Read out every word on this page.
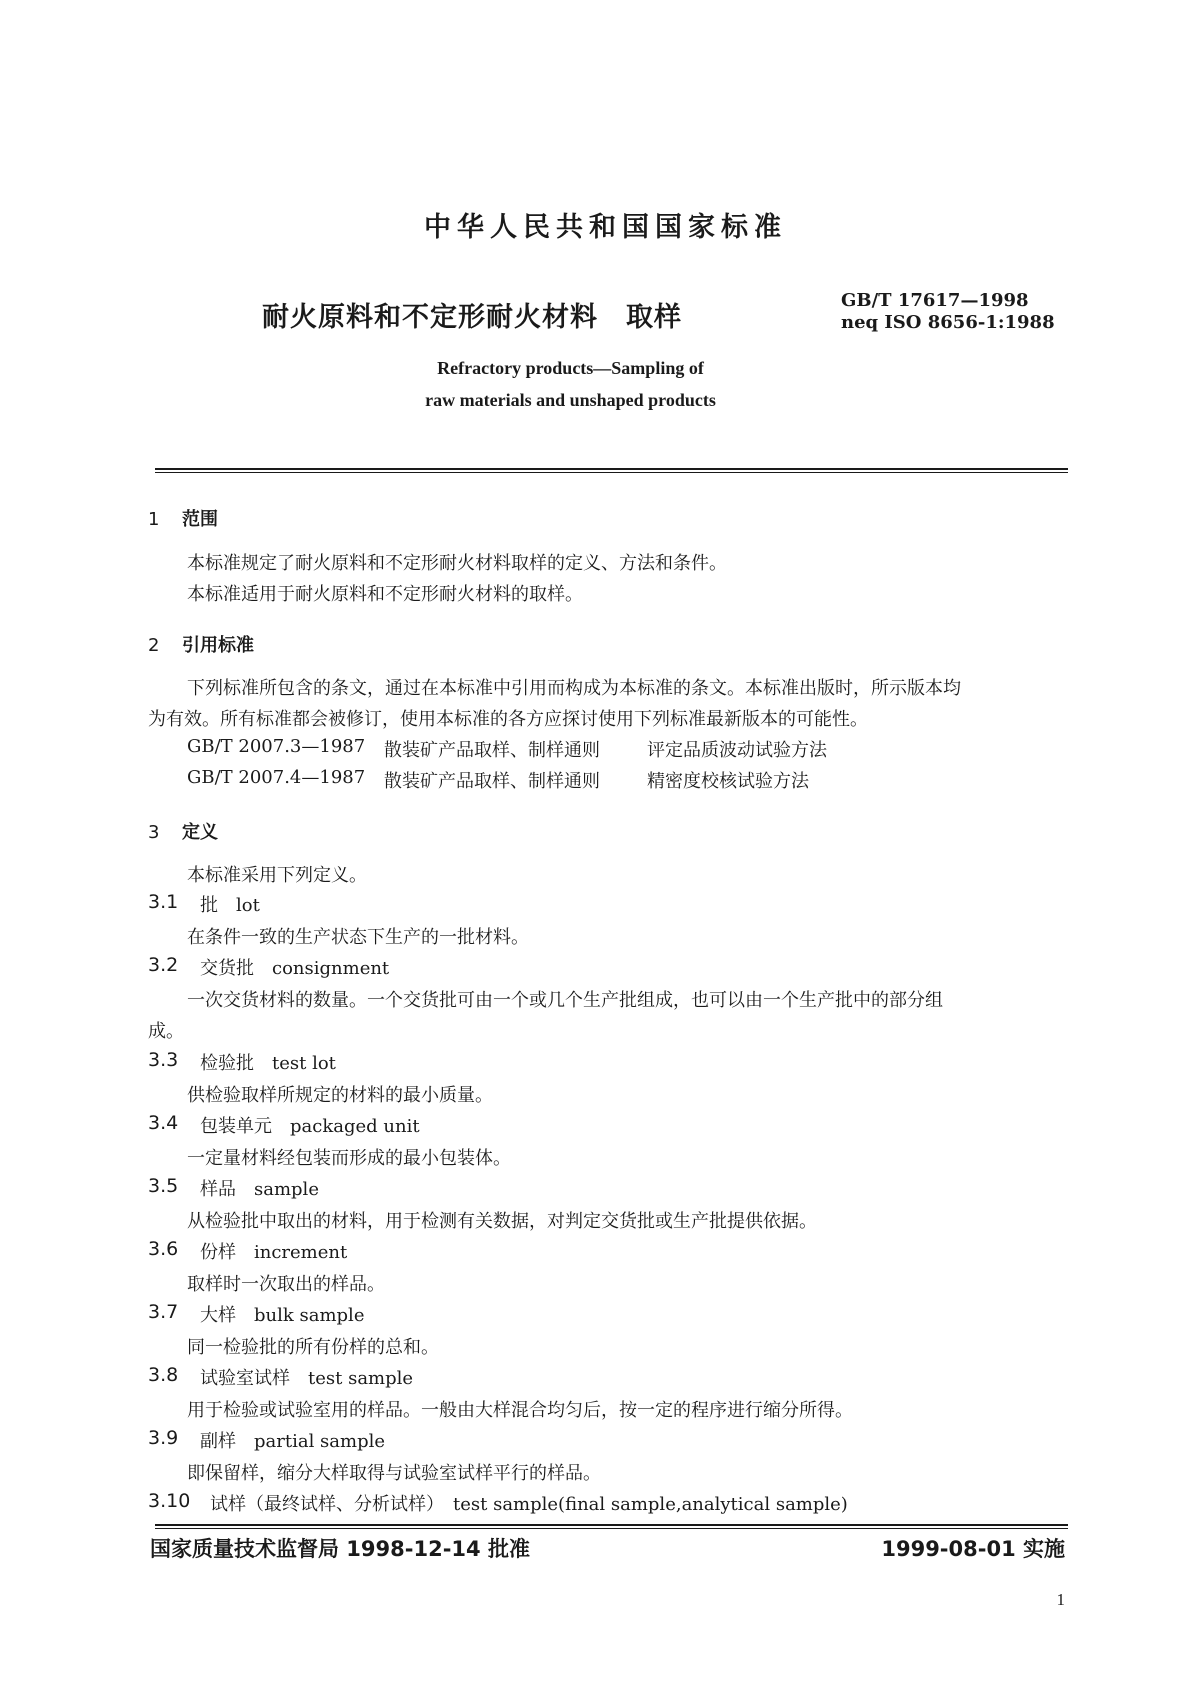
中华人民共和国国家标准
耐火原料和不定形耐火材料　取样
GB/T 17617—1998
neq ISO 8656-1:1988
Refractory products—Sampling of
raw materials and unshaped products
1 范围
本标准规定了耐火原料和不定形耐火材料取样的定义、方法和条件。
本标准适用于耐火原料和不定形耐火材料的取样。
2 引用标准
下列标准所包含的条文，通过在本标准中引用而构成为本标准的条文。本标准出版时，所示版本均
为有效。所有标准都会被修订，使用本标准的各方应探讨使用下列标准最新版本的可能性。
GB/T 2007.3—1987 散装矿产品取样、制样通则	评定品质波动试验方法
GB/T 2007.4—1987 散装矿产品取样、制样通则	精密度校核试验方法
3 定义
本标准采用下列定义。
3.1 批　lot
在条件一致的生产状态下生产的一批材料。
3.2 交货批　consignment
一次交货材料的数量。一个交货批可由一个或几个生产批组成，也可以由一个生产批中的部分组
成。
3.3 检验批　test lot
供检验取样所规定的材料的最小质量。
3.4 包装单元　packaged unit
一定量材料经包装而形成的最小包装体。
3.5 样品　sample
从检验批中取出的材料，用于检测有关数据，对判定交货批或生产批提供依据。
3.6 份样　increment
取样时一次取出的样品。
3.7 大样　bulk sample
同一检验批的所有份样的总和。
3.8 试验室试样　test sample
用于检验或试验室用的样品。一般由大样混合均匀后，按一定的程序进行缩分所得。
3.9 副样　partial sample
即保留样，缩分大样取得与试验室试样平行的样品。
3.10 试样（最终试样、分析试样）　test sample(final sample,analytical sample)
国家质量技术监督局 1998-12-14 批准	1999-08-01 实施
1
